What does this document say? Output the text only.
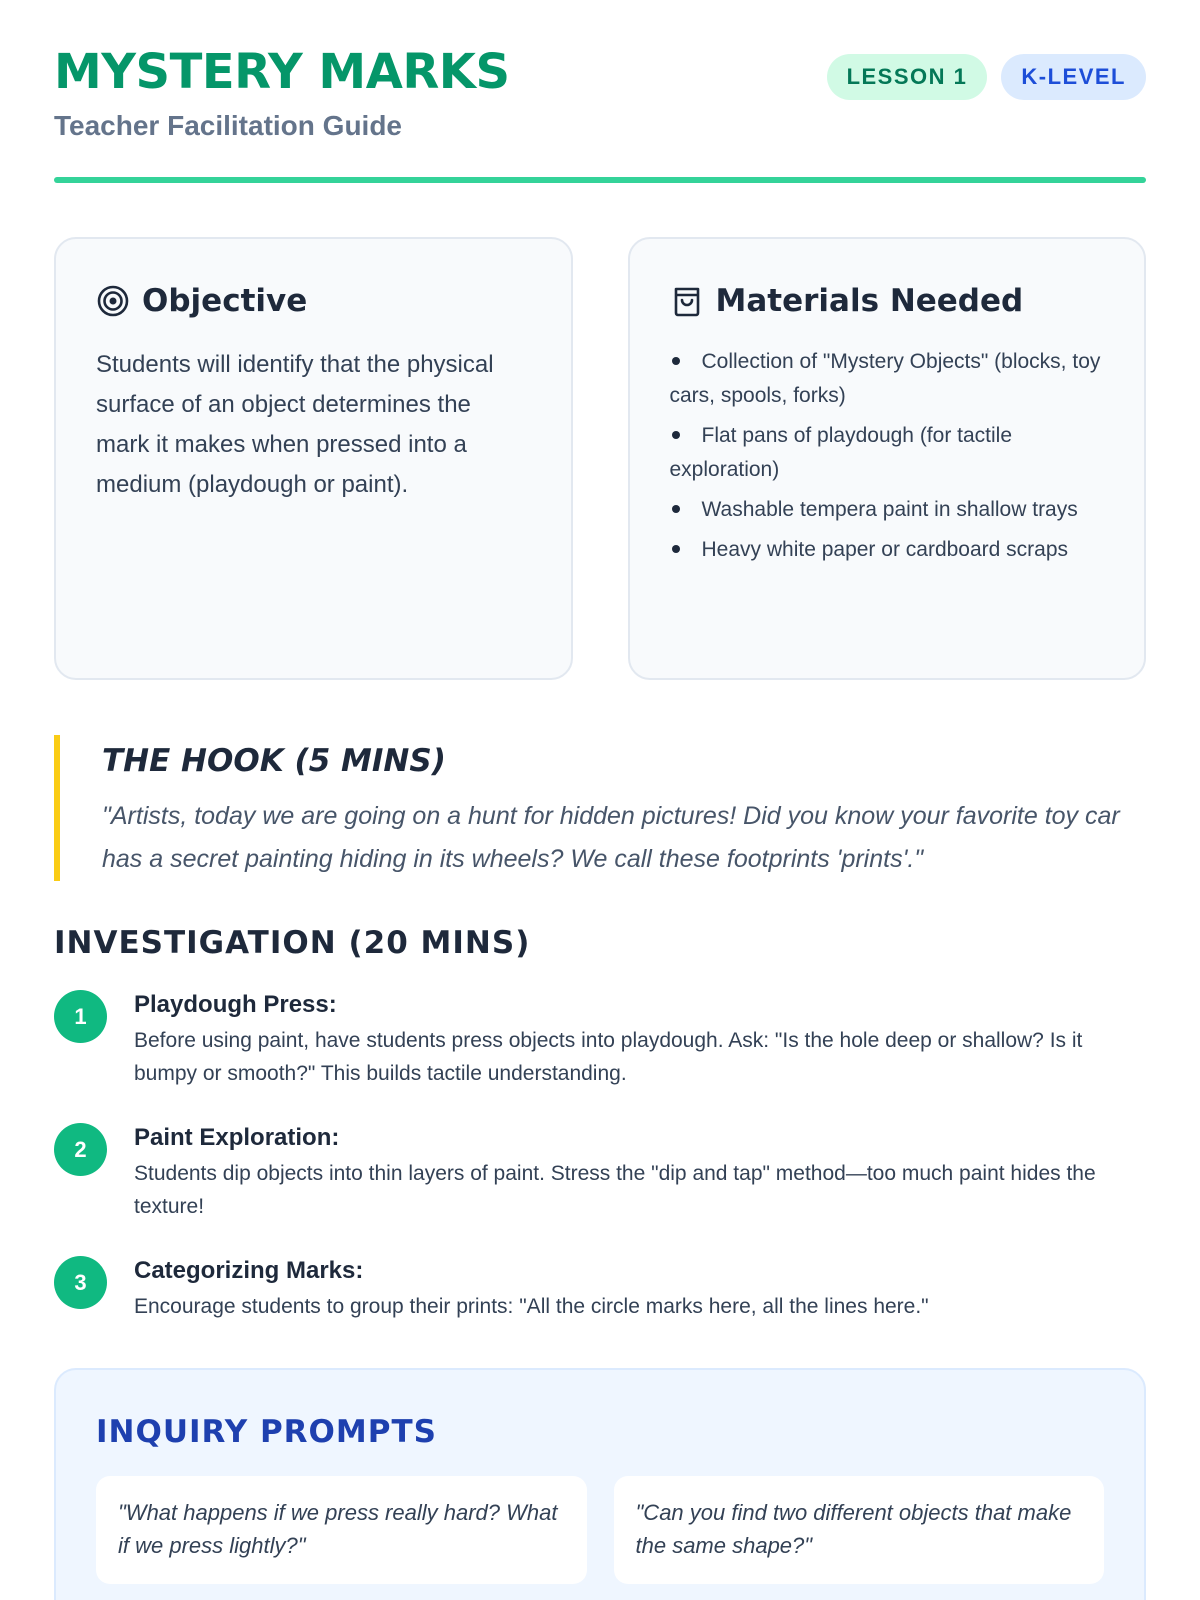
MYSTERY MARKS
Teacher Facilitation Guide
LESSON 1	K-LEVEL
Objective

Students will identify that the physical surface of an object determines the mark it makes when pressed into a medium (playdough or paint).

Materials Needed
Collection of "Mystery Objects" (blocks, toy cars, spools, forks)
Flat pans of playdough (for tactile exploration)
Washable tempera paint in shallow trays
Heavy white paper or cardboard scraps
THE HOOK (5 MINS)

"Artists, today we are going on a hunt for hidden pictures! Did you know your favorite toy car has a secret painting hiding in its wheels? We call these footprints 'prints'."

INVESTIGATION (20 MINS)
1	Playdough Press:
Before using paint, have students press objects into playdough. Ask: "Is the hole deep or shallow? Is it bumpy or smooth?" This builds tactile understanding.
2	Paint Exploration:
Students dip objects into thin layers of paint. Stress the "dip and tap" method—too much paint hides the texture!
3	Categorizing Marks:
Encourage students to group their prints: "All the circle marks here, all the lines here."
INQUIRY PROMPTS
"What happens if we press really hard? What if we press lightly?"
"Can you find two different objects that make the same shape?"
